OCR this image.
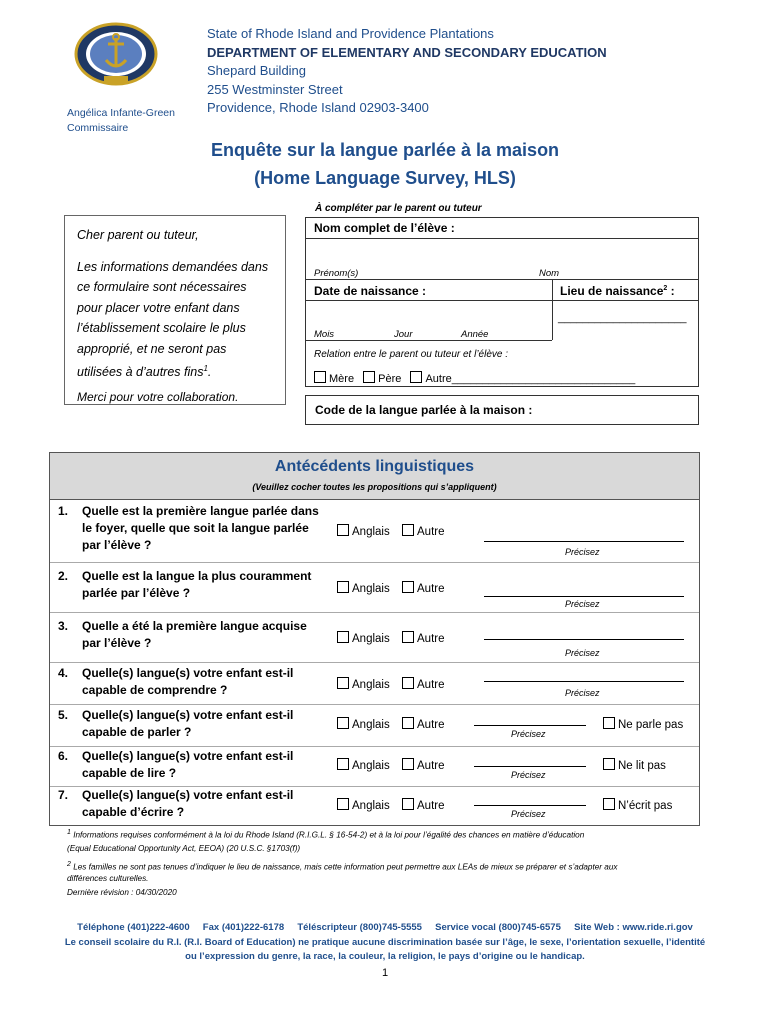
State of Rhode Island and Providence Plantations
DEPARTMENT OF ELEMENTARY AND SECONDARY EDUCATION
Shepard Building
255 Westminster Street
Providence, Rhode Island 02903-3400
Angélica Infante-Green
Commissaire
Enquête sur la langue parlée à la maison
(Home Language Survey, HLS)

Cher parent ou tuteur,

Les informations demandées dans

ce formulaire sont nécessaires

pour placer votre enfant dans

l’établissement scolaire le plus

approprié, et ne seront pas

utilisées à d’autres fins$^1$.

Merci pour votre collaboration.

À compléter par le parent ou tuteur
Nom complet de l’élève :
Prénom(s)	Nom
Date de naissance :	Lieu de naissance$^2$ :
_____________________
Mois	Jour	Année
Relation entre le parent ou tuteur et l’élève :
Mère Père Autre______________________________
Code de la langue parlée à la maison :
Antécédents linguistiques
(Veuillez cocher toutes les propositions qui s’appliquent)
1. Quelle est la première langue parlée dans
le foyer, quelle que soit la langue parlée
par l’élève ?
Anglais	Autre
Précisez
2. Quelle est la langue la plus couramment
parlée par l’élève ?	Anglais	Autre
Précisez
3. Quelle a été la première langue acquise
par l’élève ?	Anglais	Autre
Précisez
4. Quelle(s) langue(s) votre enfant est-il
capable de comprendre ?	Anglais	Autre
Précisez
5. Quelle(s) langue(s) votre enfant est-il
capable de parler ?	Anglais	Autre
Précisez
Ne parle pas
6. Quelle(s) langue(s) votre enfant est-il
capable de lire ?	Anglais	Autre
Précisez
Ne lit pas
7. Quelle(s) langue(s) votre enfant est-il
capable d’écrire ?	Anglais	Autre
Précisez
N’écrit pas
$^1$ Informations requises conformément à la loi du Rhode Island (R.I.G.L. § 16-54-2) et à la loi pour l’égalité des chances en matière d’éducation
(Equal Educational Opportunity Act, EEOA) (20 U.S.C. §1703(f))
$^2$ Les familles ne sont pas tenues d’indiquer le lieu de naissance, mais cette information peut permettre aux LEAs de mieux se préparer et s’adapter aux
différences culturelles.
Dernière révision : 04/30/2020
Téléphone (401)222-4600     Fax (401)222-6178     Téléscripteur (800)745-5555     Service vocal (800)745-6575     Site Web : www.ride.ri.gov
Le conseil scolaire du R.I. (R.I. Board of Education) ne pratique aucune discrimination basée sur l’âge, le sexe, l’orientation sexuelle, l’identité
ou l’expression du genre, la race, la couleur, la religion, le pays d’origine ou le handicap.
1
